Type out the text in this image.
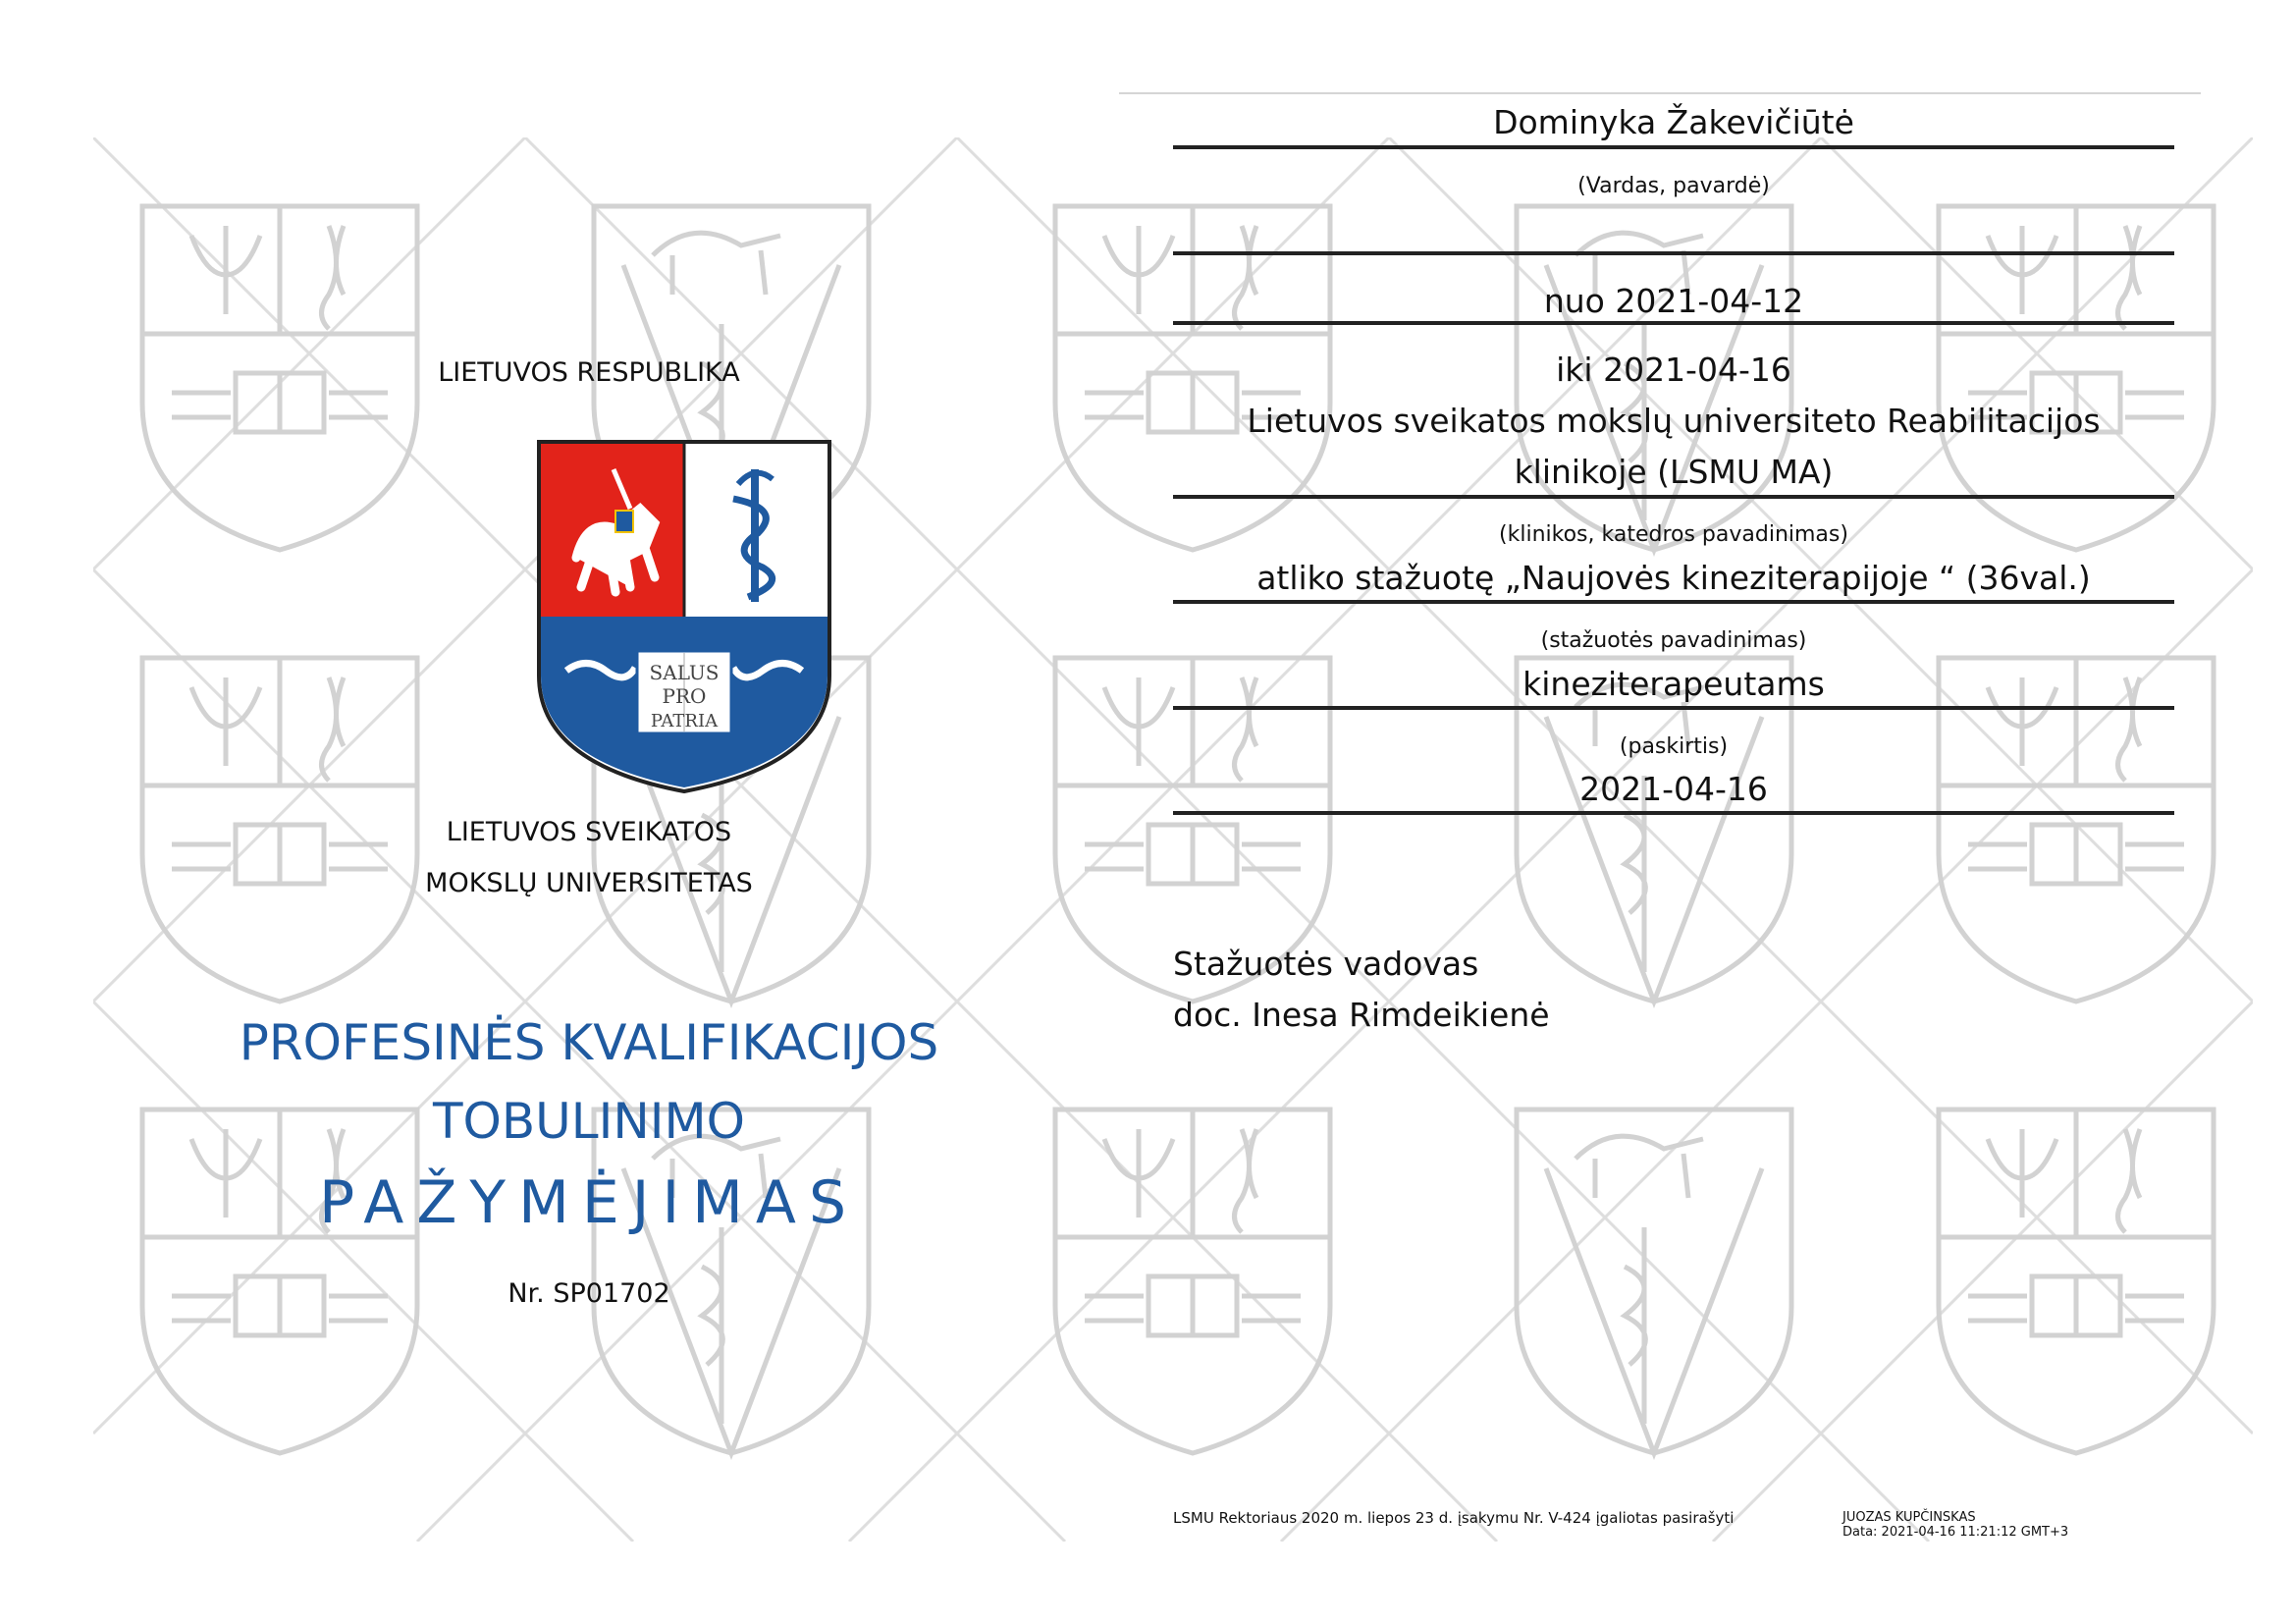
LIETUVOS RESPUBLIKA
SALUS
PRO
PATRIA
LIETUVOS SVEIKATOS
MOKSLŲ UNIVERSITETAS
PROFESINĖS KVALIFIKACIJOS
TOBULINIMO
PAŽYMĖJIMAS
Nr. SP01702
Dominyka Žakevičiūtė
(Vardas, pavardė)
nuo 2021-04-12
iki 2021-04-16
Lietuvos sveikatos mokslų universiteto Reabilitacijos
klinikoje (LSMU MA)
(klinikos, katedros pavadinimas)
atliko stažuotę „Naujovės kineziterapijoje “ (36val.)
(stažuotės pavadinimas)
kineziterapeutams
(paskirtis)
2021-04-16
Stažuotės vadovas
doc. Inesa Rimdeikienė
LSMU Rektoriaus 2020 m. liepos 23 d. įsakymu Nr. V-424 įgaliotas pasirašyti	JUOZAS KUPČINSKAS
Data: 2021-04-16 11:21:12 GMT+3
